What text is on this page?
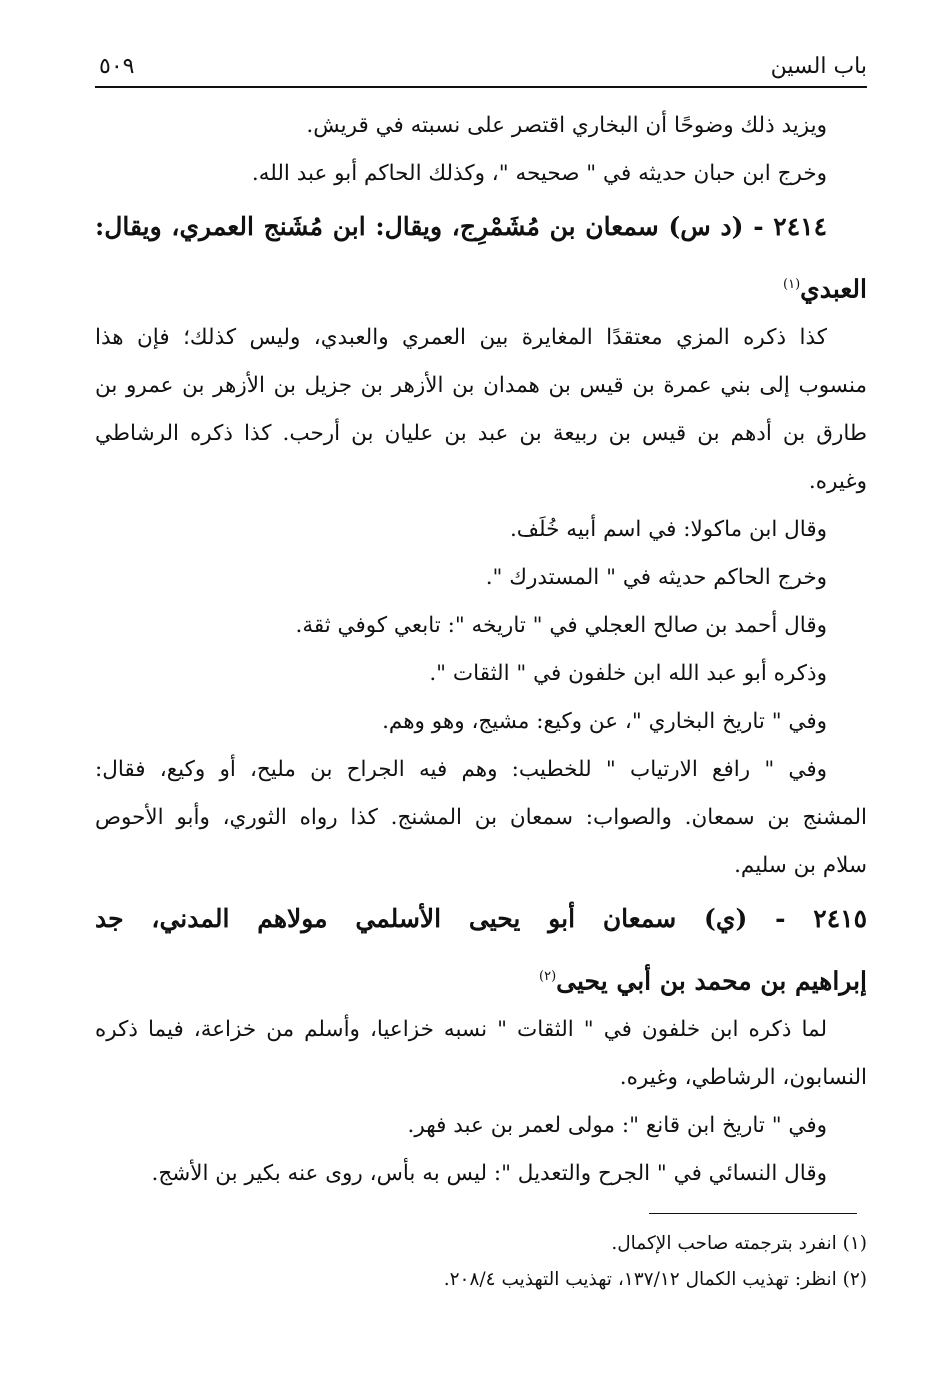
باب السين
٥٠٩
ويزيد ذلك وضوحًا أن البخاري اقتصر على نسبته في قريش.
وخرج ابن حبان حديثه في " صحيحه "، وكذلك الحاكم أبو عبد الله.
٢٤١٤ - (د س) سمعان بن مُشَمْرِج، ويقال: ابن مُشَنج العمري، ويقال:
العبدي$^{(١)}$
كذا ذكره المزي معتقدًا المغايرة بين العمري والعبدي، وليس كذلك؛ فإن هذا
منسوب إلى بني عمرة بن قيس بن همدان بن الأزهر بن جزيل بن الأزهر بن عمرو بن
طارق بن أدهم بن قيس بن ربيعة بن عبد بن عليان بن أرحب. كذا ذكره الرشاطي
وغيره.
وقال ابن ماكولا: في اسم أبيه خُلَف.
وخرج الحاكم حديثه في " المستدرك ".
وقال أحمد بن صالح العجلي في " تاريخه ": تابعي كوفي ثقة.
وذكره أبو عبد الله ابن خلفون في " الثقات ".
وفي " تاريخ البخاري "، عن وكيع: مشيج، وهو وهم.
وفي " رافع الارتياب " للخطيب: وهم فيه الجراح بن مليح، أو وكيع، فقال:
المشنج بن سمعان. والصواب: سمعان بن المشنج. كذا رواه الثوري، وأبو الأحوص
سلام بن سليم.
٢٤١٥ - (ي) سمعان أبو يحيى الأسلمي مولاهم المدني، جد
إبراهيم بن محمد بن أبي يحيى$^{(٢)}$
لما ذكره ابن خلفون في " الثقات " نسبه خزاعيا، وأسلم من خزاعة، فيما ذكره
النسابون، الرشاطي، وغيره.
وفي " تاريخ ابن قانع ": مولى لعمر بن عبد فهر.
وقال النسائي في " الجرح والتعديل ": ليس به بأس، روى عنه بكير بن الأشج.
(١) انفرد بترجمته صاحب الإكمال.
(٢) انظر: تهذيب الكمال ١٣٧/١٢، تهذيب التهذيب ٢٠٨/٤.
